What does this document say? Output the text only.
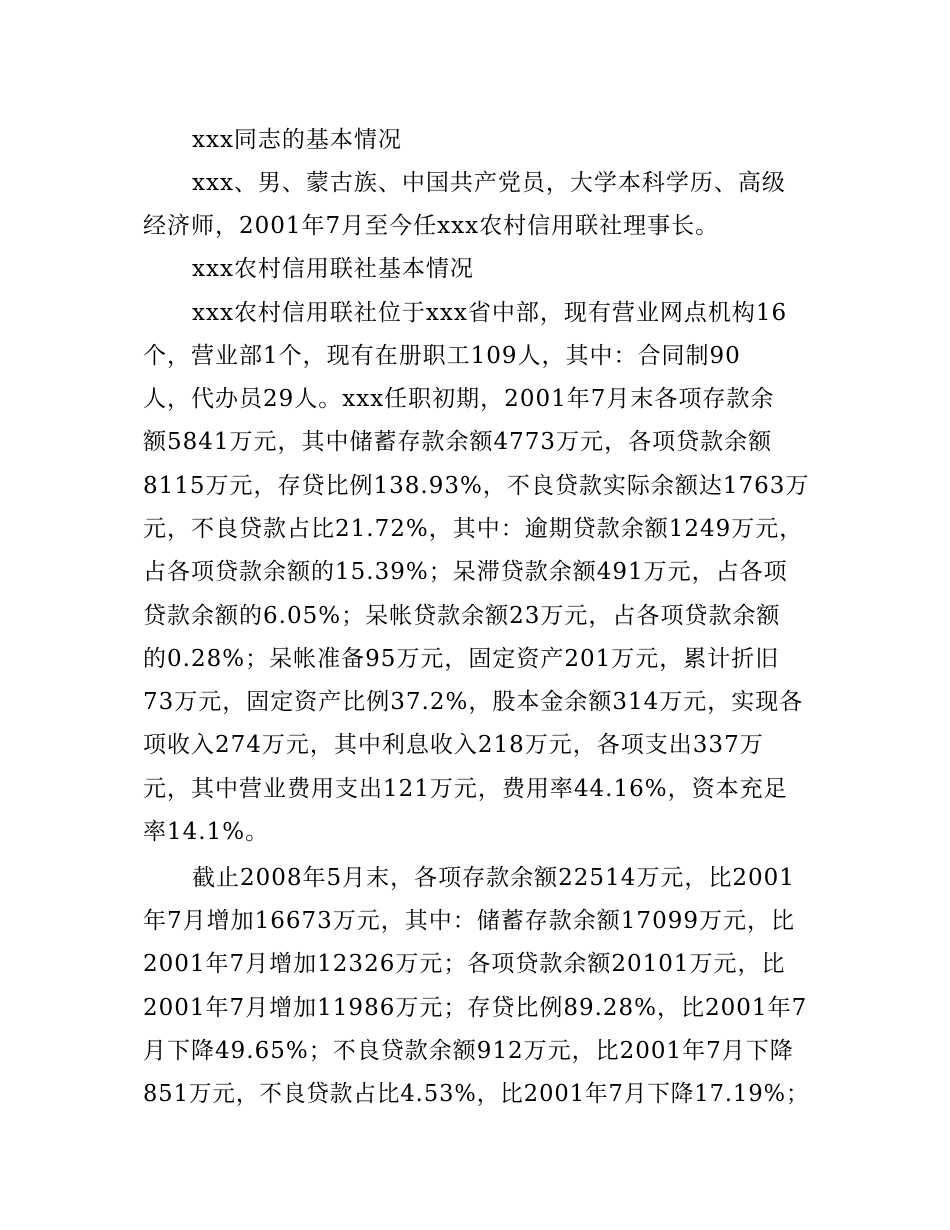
xxx同志的基本情况
xxx、男、蒙古族、中国共产党员，大学本科学历、高级
经济师，2001年7月至今任xxx农村信用联社理事长。
xxx农村信用联社基本情况
xxx农村信用联社位于xxx省中部，现有营业网点机构16
个，营业部1个，现有在册职工109人，其中：合同制90
人，代办员29人。xxx任职初期，2001年7月末各项存款余
额5841万元，其中储蓄存款余额4773万元，各项贷款余额
8115万元，存贷比例138.93%，不良贷款实际余额达1763万
元，不良贷款占比21.72%，其中：逾期贷款余额1249万元，
占各项贷款余额的15.39%；呆滞贷款余额491万元，占各项
贷款余额的6.05%；呆帐贷款余额23万元，占各项贷款余额
的0.28%；呆帐准备95万元，固定资产201万元，累计折旧
73万元，固定资产比例37.2%，股本金余额314万元，实现各
项收入274万元，其中利息收入218万元，各项支出337万
元，其中营业费用支出121万元，费用率44.16%，资本充足
率14.1%。
截止2008年5月末，各项存款余额22514万元，比2001
年7月增加16673万元，其中：储蓄存款余额17099万元，比
2001年7月增加12326万元；各项贷款余额20101万元，比
2001年7月增加11986万元；存贷比例89.28%，比2001年7
月下降49.65%；不良贷款余额912万元，比2001年7月下降
851万元，不良贷款占比4.53%，比2001年7月下降17.19%；
